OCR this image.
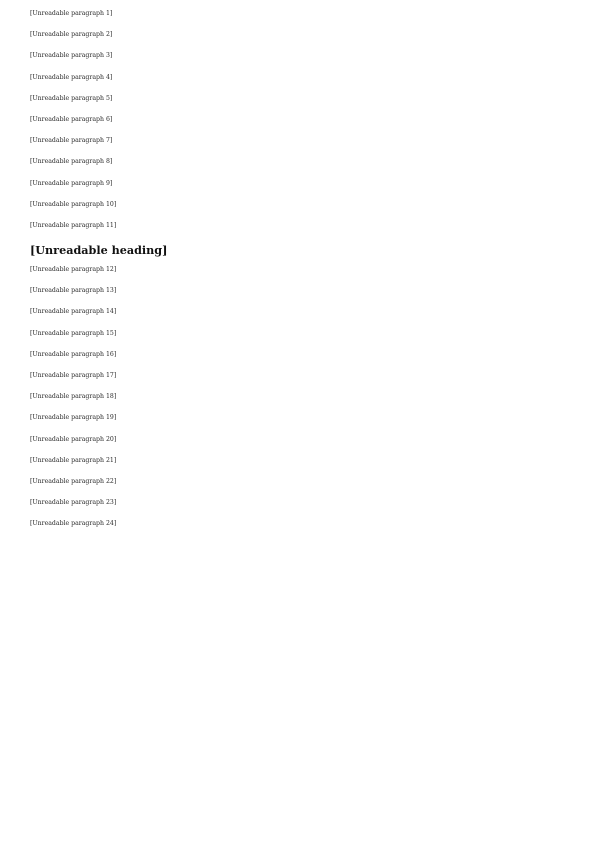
[Unreadable paragraph 1]

[Unreadable paragraph 2]

[Unreadable paragraph 3]

[Unreadable paragraph 4]

[Unreadable paragraph 5]

[Unreadable paragraph 6]

[Unreadable paragraph 7]

[Unreadable paragraph 8]

[Unreadable paragraph 9]

[Unreadable paragraph 10]

[Unreadable paragraph 11]

[Unreadable heading]

[Unreadable paragraph 12]

[Unreadable paragraph 13]

[Unreadable paragraph 14]

[Unreadable paragraph 15]

[Unreadable paragraph 16]

[Unreadable paragraph 17]

[Unreadable paragraph 18]

[Unreadable paragraph 19]

[Unreadable paragraph 20]

[Unreadable paragraph 21]

[Unreadable paragraph 22]

[Unreadable paragraph 23]

[Unreadable paragraph 24]
